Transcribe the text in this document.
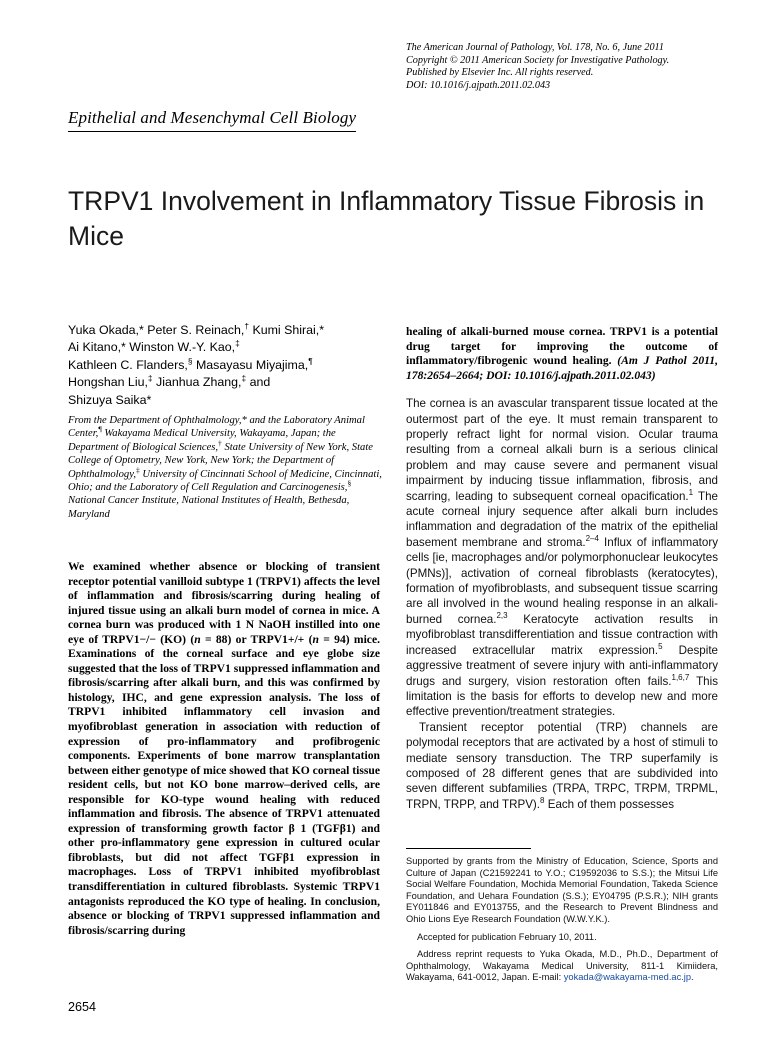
The American Journal of Pathology, Vol. 178, No. 6, June 2011
Copyright © 2011 American Society for Investigative Pathology.
Published by Elsevier Inc. All rights reserved.
DOI: 10.1016/j.ajpath.2011.02.043
Epithelial and Mesenchymal Cell Biology
TRPV1 Involvement in Inflammatory Tissue Fibrosis in Mice
Yuka Okada,* Peter S. Reinach,† Kumi Shirai,*
Ai Kitano,* Winston W.-Y. Kao,‡
Kathleen C. Flanders,§ Masayasu Miyajima,¶
Hongshan Liu,‡ Jianhua Zhang,‡ and
Shizuya Saika*
From the Department of Ophthalmology,* and the Laboratory Animal Center,¶ Wakayama Medical University, Wakayama, Japan; the Department of Biological Sciences,† State University of New York, State College of Optometry, New York, New York; the Department of Ophthalmology,‡ University of Cincinnati School of Medicine, Cincinnati, Ohio; and the Laboratory of Cell Regulation and Carcinogenesis,§ National Cancer Institute, National Institutes of Health, Bethesda, Maryland
We examined whether absence or blocking of transient receptor potential vanilloid subtype 1 (TRPV1) affects the level of inflammation and fibrosis/scarring during healing of injured tissue using an alkali burn model of cornea in mice. A cornea burn was produced with 1 N NaOH instilled into one eye of TRPV1−/− (KO) (n = 88) or TRPV1+/+ (n = 94) mice. Examinations of the corneal surface and eye globe size suggested that the loss of TRPV1 suppressed inflammation and fibrosis/scarring after alkali burn, and this was confirmed by histology, IHC, and gene expression analysis. The loss of TRPV1 inhibited inflammatory cell invasion and myofibroblast generation in association with reduction of expression of pro-inflammatory and profibrogenic components. Experiments of bone marrow transplantation between either genotype of mice showed that KO corneal tissue resident cells, but not KO bone marrow–derived cells, are responsible for KO-type wound healing with reduced inflammation and fibrosis. The absence of TRPV1 attenuated expression of transforming growth factor β 1 (TGFβ1) and other pro-inflammatory gene expression in cultured ocular fibroblasts, but did not affect TGFβ1 expression in macrophages. Loss of TRPV1 inhibited myofibroblast transdifferentiation in cultured fibroblasts. Systemic TRPV1 antagonists reproduced the KO type of healing. In conclusion, absence or blocking of TRPV1 suppressed inflammation and fibrosis/scarring during
healing of alkali-burned mouse cornea. TRPV1 is a potential drug target for improving the outcome of inflammatory/fibrogenic wound healing. (Am J Pathol 2011, 178:2654–2664; DOI: 10.1016/j.ajpath.2011.02.043)

The cornea is an avascular transparent tissue located at the outermost part of the eye. It must remain transparent to properly refract light for normal vision. Ocular trauma resulting from a corneal alkali burn is a serious clinical problem and may cause severe and permanent visual impairment by inducing tissue inflammation, fibrosis, and scarring, leading to subsequent corneal opacification.$^1$ The acute corneal injury sequence after alkali burn includes inflammation and degradation of the matrix of the epithelial basement membrane and stroma.$^{2-4}$ Influx of inflammatory cells [ie, macrophages and/or polymorphonuclear leukocytes (PMNs)], activation of corneal fibroblasts (keratocytes), formation of myofibroblasts, and subsequent tissue scarring are all involved in the wound healing response in an alkali-burned cornea.$^{2,3}$ Keratocyte activation results in myofibroblast transdifferentiation and tissue contraction with increased extracellular matrix expression.$^5$ Despite aggressive treatment of severe injury with anti-inflammatory drugs and surgery, vision restoration often fails.$^{1,6,7}$ This limitation is the basis for efforts to develop new and more effective prevention/treatment strategies.

Transient receptor potential (TRP) channels are polymodal receptors that are activated by a host of stimuli to mediate sensory transduction. The TRP superfamily is composed of 28 different genes that are subdivided into seven different subfamilies (TRPA, TRPC, TRPM, TRPML, TRPN, TRPP, and TRPV).$^8$ Each of them possesses

Supported by grants from the Ministry of Education, Science, Sports and Culture of Japan (C21592241 to Y.O.; C19592036 to S.S.); the Mitsui Life Social Welfare Foundation, Mochida Memorial Foundation, Takeda Science Foundation, and Uehara Foundation (S.S.); EY04795 (P.S.R.); NIH grants EY011846 and EY013755, and the Research to Prevent Blindness and Ohio Lions Eye Research Foundation (W.W.Y.K.).

Accepted for publication February 10, 2011.

Address reprint requests to Yuka Okada, M.D., Ph.D., Department of Ophthalmology, Wakayama Medical University, 811-1 Kimiidera, Wakayama, 641-0012, Japan. E-mail: yokada@wakayama-med.ac.jp.

2654
